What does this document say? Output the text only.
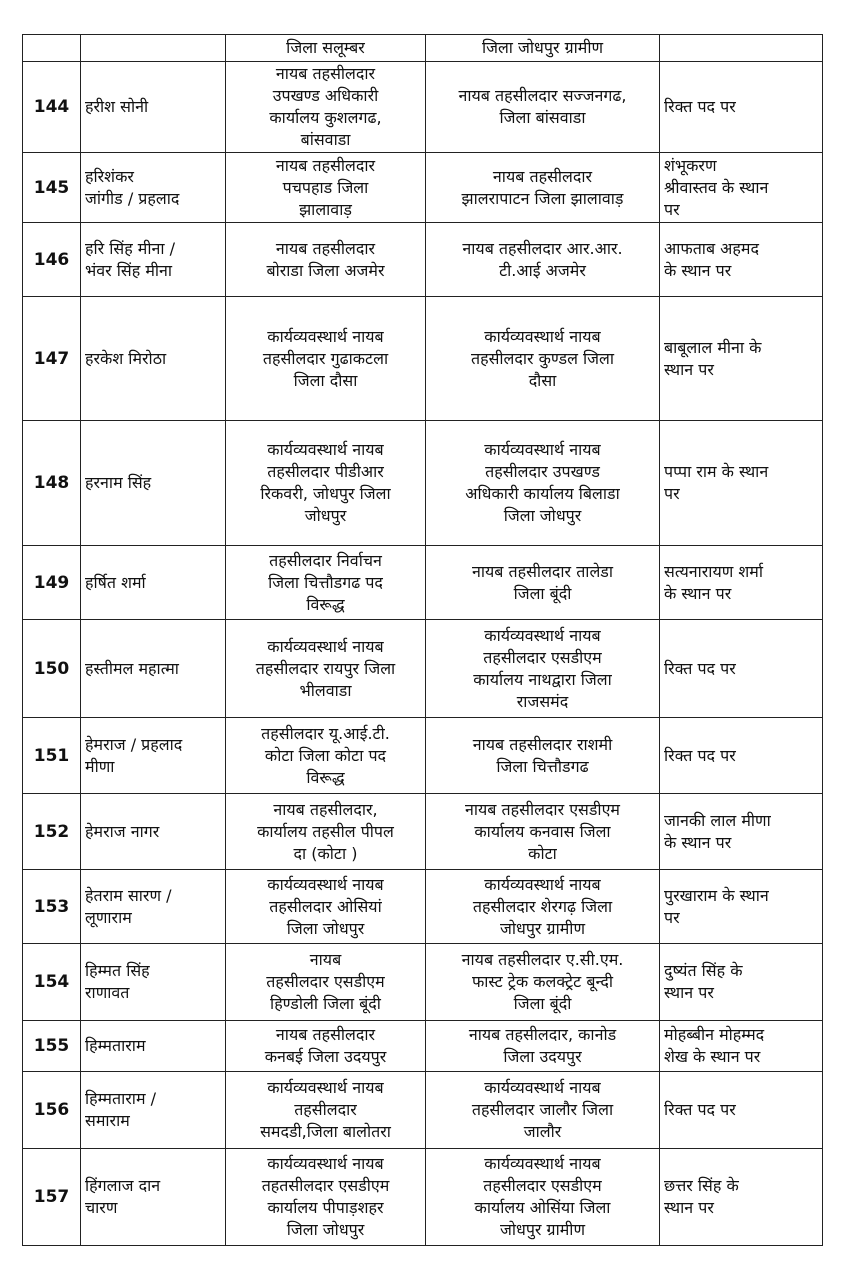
		जिला सलूम्बर	जिला जोधपुर ग्रामीण	
144	हरीश सोनी	नायब तहसीलदार
उपखण्ड अधिकारी
कार्यालय कुशलगढ,
बांसवाडा	नायब तहसीलदार सज्जनगढ,
जिला बांसवाडा	रिक्त पद पर

145	हरिशंकर
जांगीड / प्रहलाद	नायब तहसीलदार
पचपहाड जिला
झालावाड़	नायब तहसीलदार
झालरापाटन जिला झालावाड़	शंभूकरण
श्रीवास्तव के स्थान
पर

146	हरि सिंह मीना /
भंवर सिंह मीना	नायब तहसीलदार
बोराडा जिला अजमेर	नायब तहसीलदार आर.आर.
टी.आई अजमेर	आफताब अहमद
के स्थान पर

147	हरकेश मिरोठा	कार्यव्यवस्थार्थ नायब
तहसीलदार गुढाकटला
जिला दौसा	कार्यव्यवस्थार्थ नायब
तहसीलदार कुण्डल जिला
दौसा	बाबूलाल मीना के
स्थान पर

148	हरनाम सिंह	कार्यव्यवस्थार्थ नायब
तहसीलदार पीडीआर
रिकवरी, जोधपुर जिला
जोधपुर	कार्यव्यवस्थार्थ नायब
तहसीलदार उपखण्ड
अधिकारी कार्यालय बिलाडा
जिला जोधपुर	पप्पा राम के स्थान
पर

149	हर्षित शर्मा	तहसीलदार निर्वाचन
जिला चित्तौडगढ पद
विरूद्ध	नायब तहसीलदार तालेडा
जिला बूंदी	सत्यनारायण शर्मा
के स्थान पर

150	हस्तीमल महात्मा	कार्यव्यवस्थार्थ नायब
तहसीलदार रायपुर जिला
भीलवाडा	कार्यव्यवस्थार्थ नायब
तहसीलदार एसडीएम
कार्यालय नाथद्वारा जिला
राजसमंद	रिक्त पद पर

151	हेमराज / प्रहलाद
मीणा	तहसीलदार यू.आई.टी.
कोटा जिला कोटा पद
विरूद्ध	नायब तहसीलदार राशमी
जिला चित्तौडगढ	रिक्त पद पर

152	हेमराज नागर	नायब तहसीलदार,
कार्यालय तहसील पीपल
दा (कोटा )	नायब तहसीलदार एसडीएम
कार्यालय कनवास जिला
कोटा	जानकी लाल मीणा
के स्थान पर

153	हेतराम सारण /
लूणाराम	कार्यव्यवस्थार्थ नायब
तहसीलदार ओसियां
जिला जोधपुर	कार्यव्यवस्थार्थ नायब
तहसीलदार शेरगढ़ जिला
जोधपुर ग्रामीण	पुरखाराम के स्थान
पर

154	हिम्मत सिंह
राणावत	नायब
तहसीलदार एसडीएम
हिण्डोली जिला बूंदी	नायब तहसीलदार ए.सी.एम.
फास्ट ट्रेक कलक्ट्रेट बून्दी
जिला बूंदी	दुष्यंत सिंह के
स्थान पर

155	हिम्मताराम	नायब तहसीलदार
कनबई जिला उदयपुर	नायब तहसीलदार, कानोड
जिला उदयपुर	मोहब्बीन मोहम्मद
शेख के स्थान पर

156	हिम्मताराम /
समाराम	कार्यव्यवस्थार्थ नायब
तहसीलदार
समदडी,जिला बालोतरा	कार्यव्यवस्थार्थ नायब
तहसीलदार जालौर जिला
जालौर	रिक्त पद पर

157	हिंगलाज दान
चारण	कार्यव्यवस्थार्थ नायब
तहतसीलदार एसडीएम
कार्यालय पीपाड़शहर
जिला जोधपुर	कार्यव्यवस्थार्थ नायब
तहसीलदार एसडीएम
कार्यालय ओसिंया जिला
जोधपुर ग्रामीण	छत्तर सिंह के
स्थान पर
